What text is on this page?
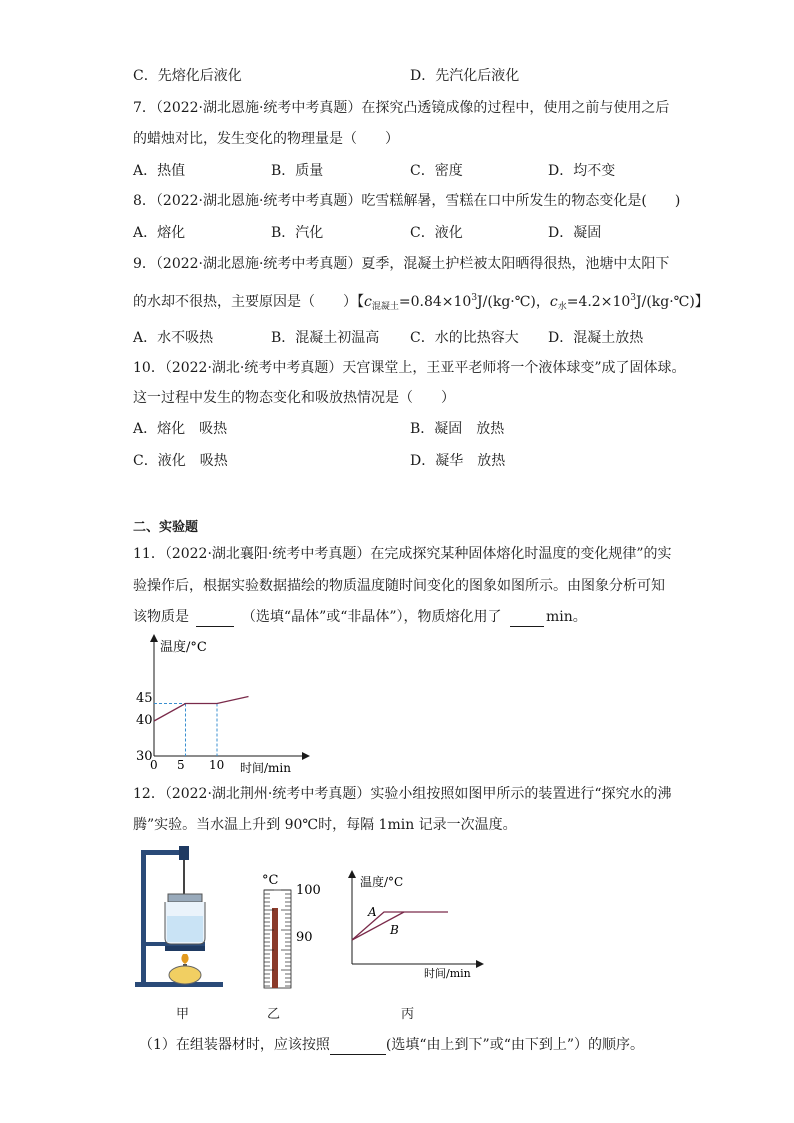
C．先熔化后液化	D．先汽化后液化
7．（2022·湖北恩施·统考中考真题）在探究凸透镜成像的过程中，使用之前与使用之后
的蜡烛对比，发生变化的物理量是（　　）
A．热值	B．质量	C．密度	D．均不变
8．（2022·湖北恩施·统考中考真题）吃雪糕解暑，雪糕在口中所发生的物态变化是(　　)
A．熔化	B．汽化	C．液化	D．凝固
9．（2022·湖北恩施·统考中考真题）夏季，混凝土护栏被太阳晒得很热，池塘中太阳下
的水却不很热，主要原因是（　　）【$c_{混凝土}=0.84\times 10^3J/(kg\cdot℃)$，$c_水=4.2\times 10^3J/(kg\cdot℃)$】
A．水不吸热	B．混凝土初温高 C．水的比热容大 D．混凝土放热
10．（2022·湖北·统考中考真题）天宫课堂上，王亚平老师将一个液体球变”成了固体球。
这一过程中发生的物态变化和吸放热情况是（　　）
A．熔化　吸热	B．凝固　放热
C．液化　吸热	D．凝华　放热
二、实验题
11．（2022·湖北襄阳·统考中考真题）在完成探究某种固体熔化时温度的变化规律”的实
验操作后，根据实验数据描绘的物质温度随时间变化的图象如图所示。由图象分析可知
该物质是	（选填“晶体”或“非晶体”），物质熔化用了	min。
温度/°C
时间/min
45
40
30
0 5 10
12．（2022·湖北荆州·统考中考真题）实验小组按照如图甲所示的装置进行“探究水的沸
腾”实验。当水温上升到 90℃时，每隔 1min 记录一次温度。
甲
°C
100
90
乙
温度/°C
时间/min
A
B
丙
（1）在组装器材时，应该按照	(选填“由上到下”或“由下到上”）的顺序。
